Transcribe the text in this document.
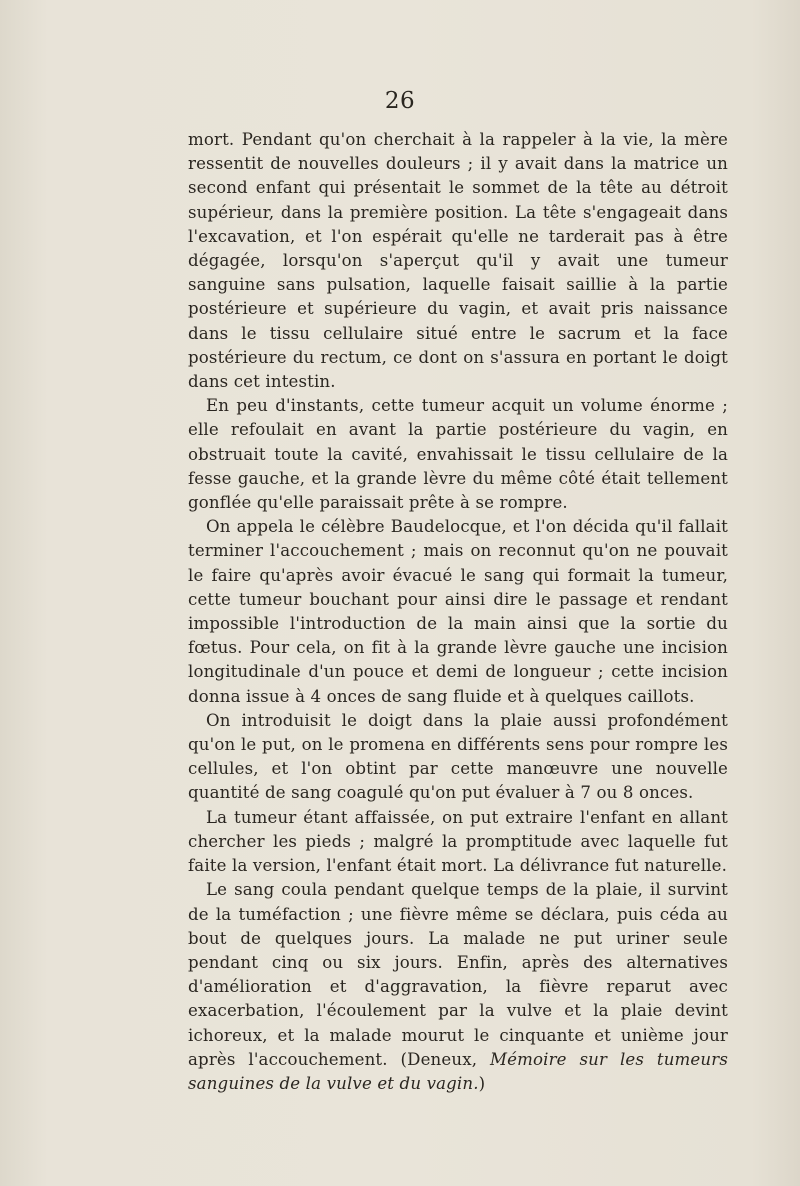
26

mort. Pendant qu'on cherchait à la rappeler à la vie, la mère ressentit de nouvelles douleurs ; il y avait dans la matrice un second enfant qui présentait le sommet de la tête au détroit supérieur, dans la première position. La tête s'engageait dans l'excavation, et l'on espérait qu'elle ne tarderait pas à être dégagée, lorsqu'on s'aperçut qu'il y avait une tumeur sanguine sans pulsation, laquelle faisait saillie à la partie postérieure et supérieure du vagin, et avait pris naissance dans le tissu cellulaire situé entre le sacrum et la face postérieure du rectum, ce dont on s'assura en portant le doigt dans cet intestin.

En peu d'instants, cette tumeur acquit un volume énorme ; elle refoulait en avant la partie postérieure du vagin, en obstruait toute la cavité, envahissait le tissu cellulaire de la fesse gauche, et la grande lèvre du même côté était tellement gonflée qu'elle paraissait prête à se rompre.

On appela le célèbre Baudelocque, et l'on décida qu'il fallait terminer l'accouchement ; mais on reconnut qu'on ne pouvait le faire qu'après avoir évacué le sang qui formait la tumeur, cette tumeur bouchant pour ainsi dire le passage et rendant impossible l'introduction de la main ainsi que la sortie du fœtus. Pour cela, on fit à la grande lèvre gauche une incision longitudinale d'un pouce et demi de longueur ; cette incision donna issue à 4 onces de sang fluide et à quelques caillots.

On introduisit le doigt dans la plaie aussi profondément qu'on le put, on le promena en différents sens pour rompre les cellules, et l'on obtint par cette manœuvre une nouvelle quantité de sang coagulé qu'on put évaluer à 7 ou 8 onces.

La tumeur étant affaissée, on put extraire l'enfant en allant chercher les pieds ; malgré la promptitude avec laquelle fut faite la version, l'enfant était mort. La délivrance fut naturelle.

Le sang coula pendant quelque temps de la plaie, il survint de la tuméfaction ; une fièvre même se déclara, puis céda au bout de quelques jours. La malade ne put uriner seule pendant cinq ou six jours. Enfin, après des alternatives d'amélioration et d'aggravation, la fièvre reparut avec exacerbation, l'écoulement par la vulve et la plaie devint ichoreux, et la malade mourut le cinquante et unième jour après l'accouchement. (Deneux, Mémoire sur les tumeurs sanguines de la vulve et du vagin.)
